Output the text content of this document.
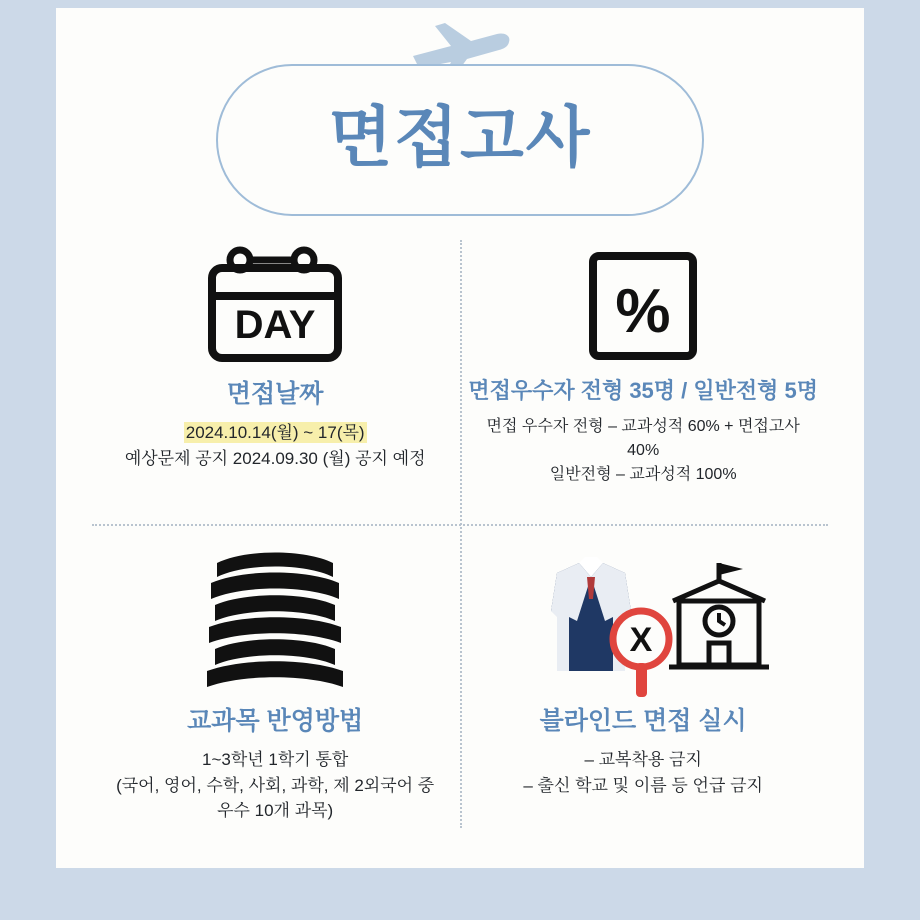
면접고사
DAY
면접날짜
2024.10.14(월) ~ 17(목)
예상문제 공지 2024.09.30 (월) 공지 예정
%
면접우수자 전형 35명 / 일반전형 5명
면접 우수자 전형 – 교과성적 60% + 면접고사 40%
일반전형 – 교과성적 100%
교과목 반영방법
1~3학년 1학기 통합
(국어, 영어, 수학, 사회, 과학, 제 2외국어 중
우수 10개 과목)
X
블라인드 면접 실시
– 교복착용 금지
– 출신 학교 및 이름 등 언급 금지
